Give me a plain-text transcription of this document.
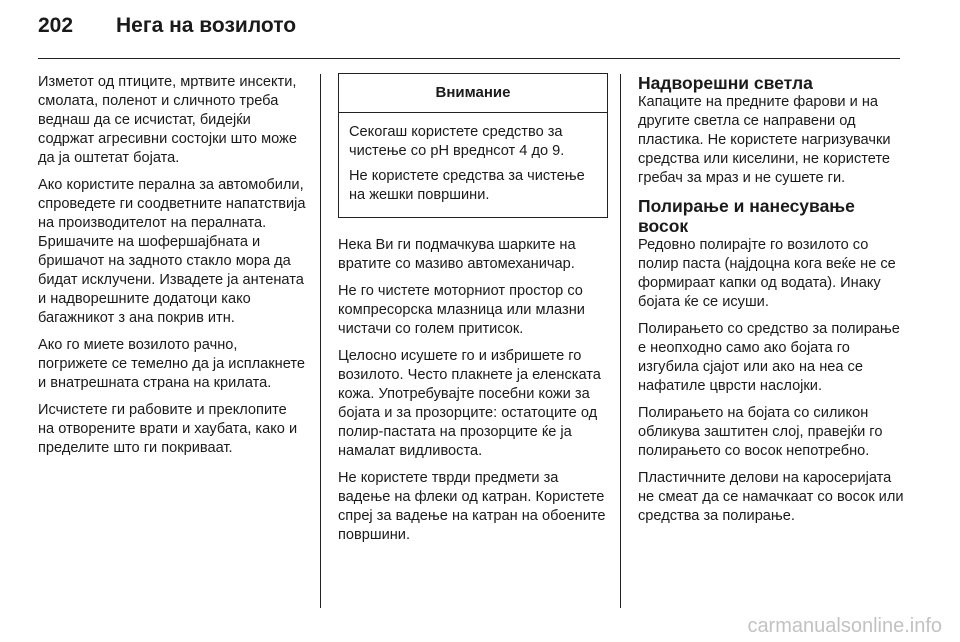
202 Нега на возилото

Изметот од птиците, мртвите инсекти, смолата, поленот и сличното треба веднаш да се исчистат, бидејќи содржат агресивни состојки што може да ја оштетат бојата.

Ако користите перална за автомобили, спроведете ги соодветните напатствија на производителот на пералната. Бришачите на шофершајбната и бришачот на задното стакло мора да бидат исклучени. Извадете ја антената и надворешните додатоци како багажникот з ана покрив итн.

Ако го миете возилото рачно, погрижете се темелно да ја исплакнете и внатрешната страна на крилата.

Исчистете ги рабовите и преклопите на отворените врати и хаубата, како и пределите што ги покриваат.

Внимание

Секогаш користете средство за чистење со pH вреднсот 4 до 9.

Не користете средства за чистење на жешки површини.

Нека Ви ги подмачкува шарките на вратите со мазиво автомеханичар.

Не го чистете моторниот простор со компресорска млазница или млазни чистачи со голем притисок.

Целосно исушете го и избришете го возилото. Често плакнете ја еленската кожа. Употребувајте посебни кожи за бојата и за прозорците: остатоците од полир-пастата на прозорците ќе ја намалат видливоста.

Не користете тврди предмети за вадење на флеки од катран. Користете спреј за вадење на катран на обоените површини.

Надворешни светла

Капаците на предните фарови и на другите светла се направени од пластика. Не користете нагризувачки средства или киселини, не користете гребач за мраз и не сушете ги.

Полирање и нанесување восок

Редовно полирајте го возилото со полир паста (најдоцна кога веќе не се формираат капки од водата). Инаку бојата ќе се исуши.

Полирањето со средство за полирање е неопходно само ако бојата го изгубила сјајот или ако на неа се нафатиле цврсти наслојки.

Полирањето на бојата со силикон обликува заштитен слој, правејќи го полирањето со восок непотребно.

Пластичните делови на каросеријата не смеат да се намачкаат со восок или средства за полирање.

carmanualsonline.info
